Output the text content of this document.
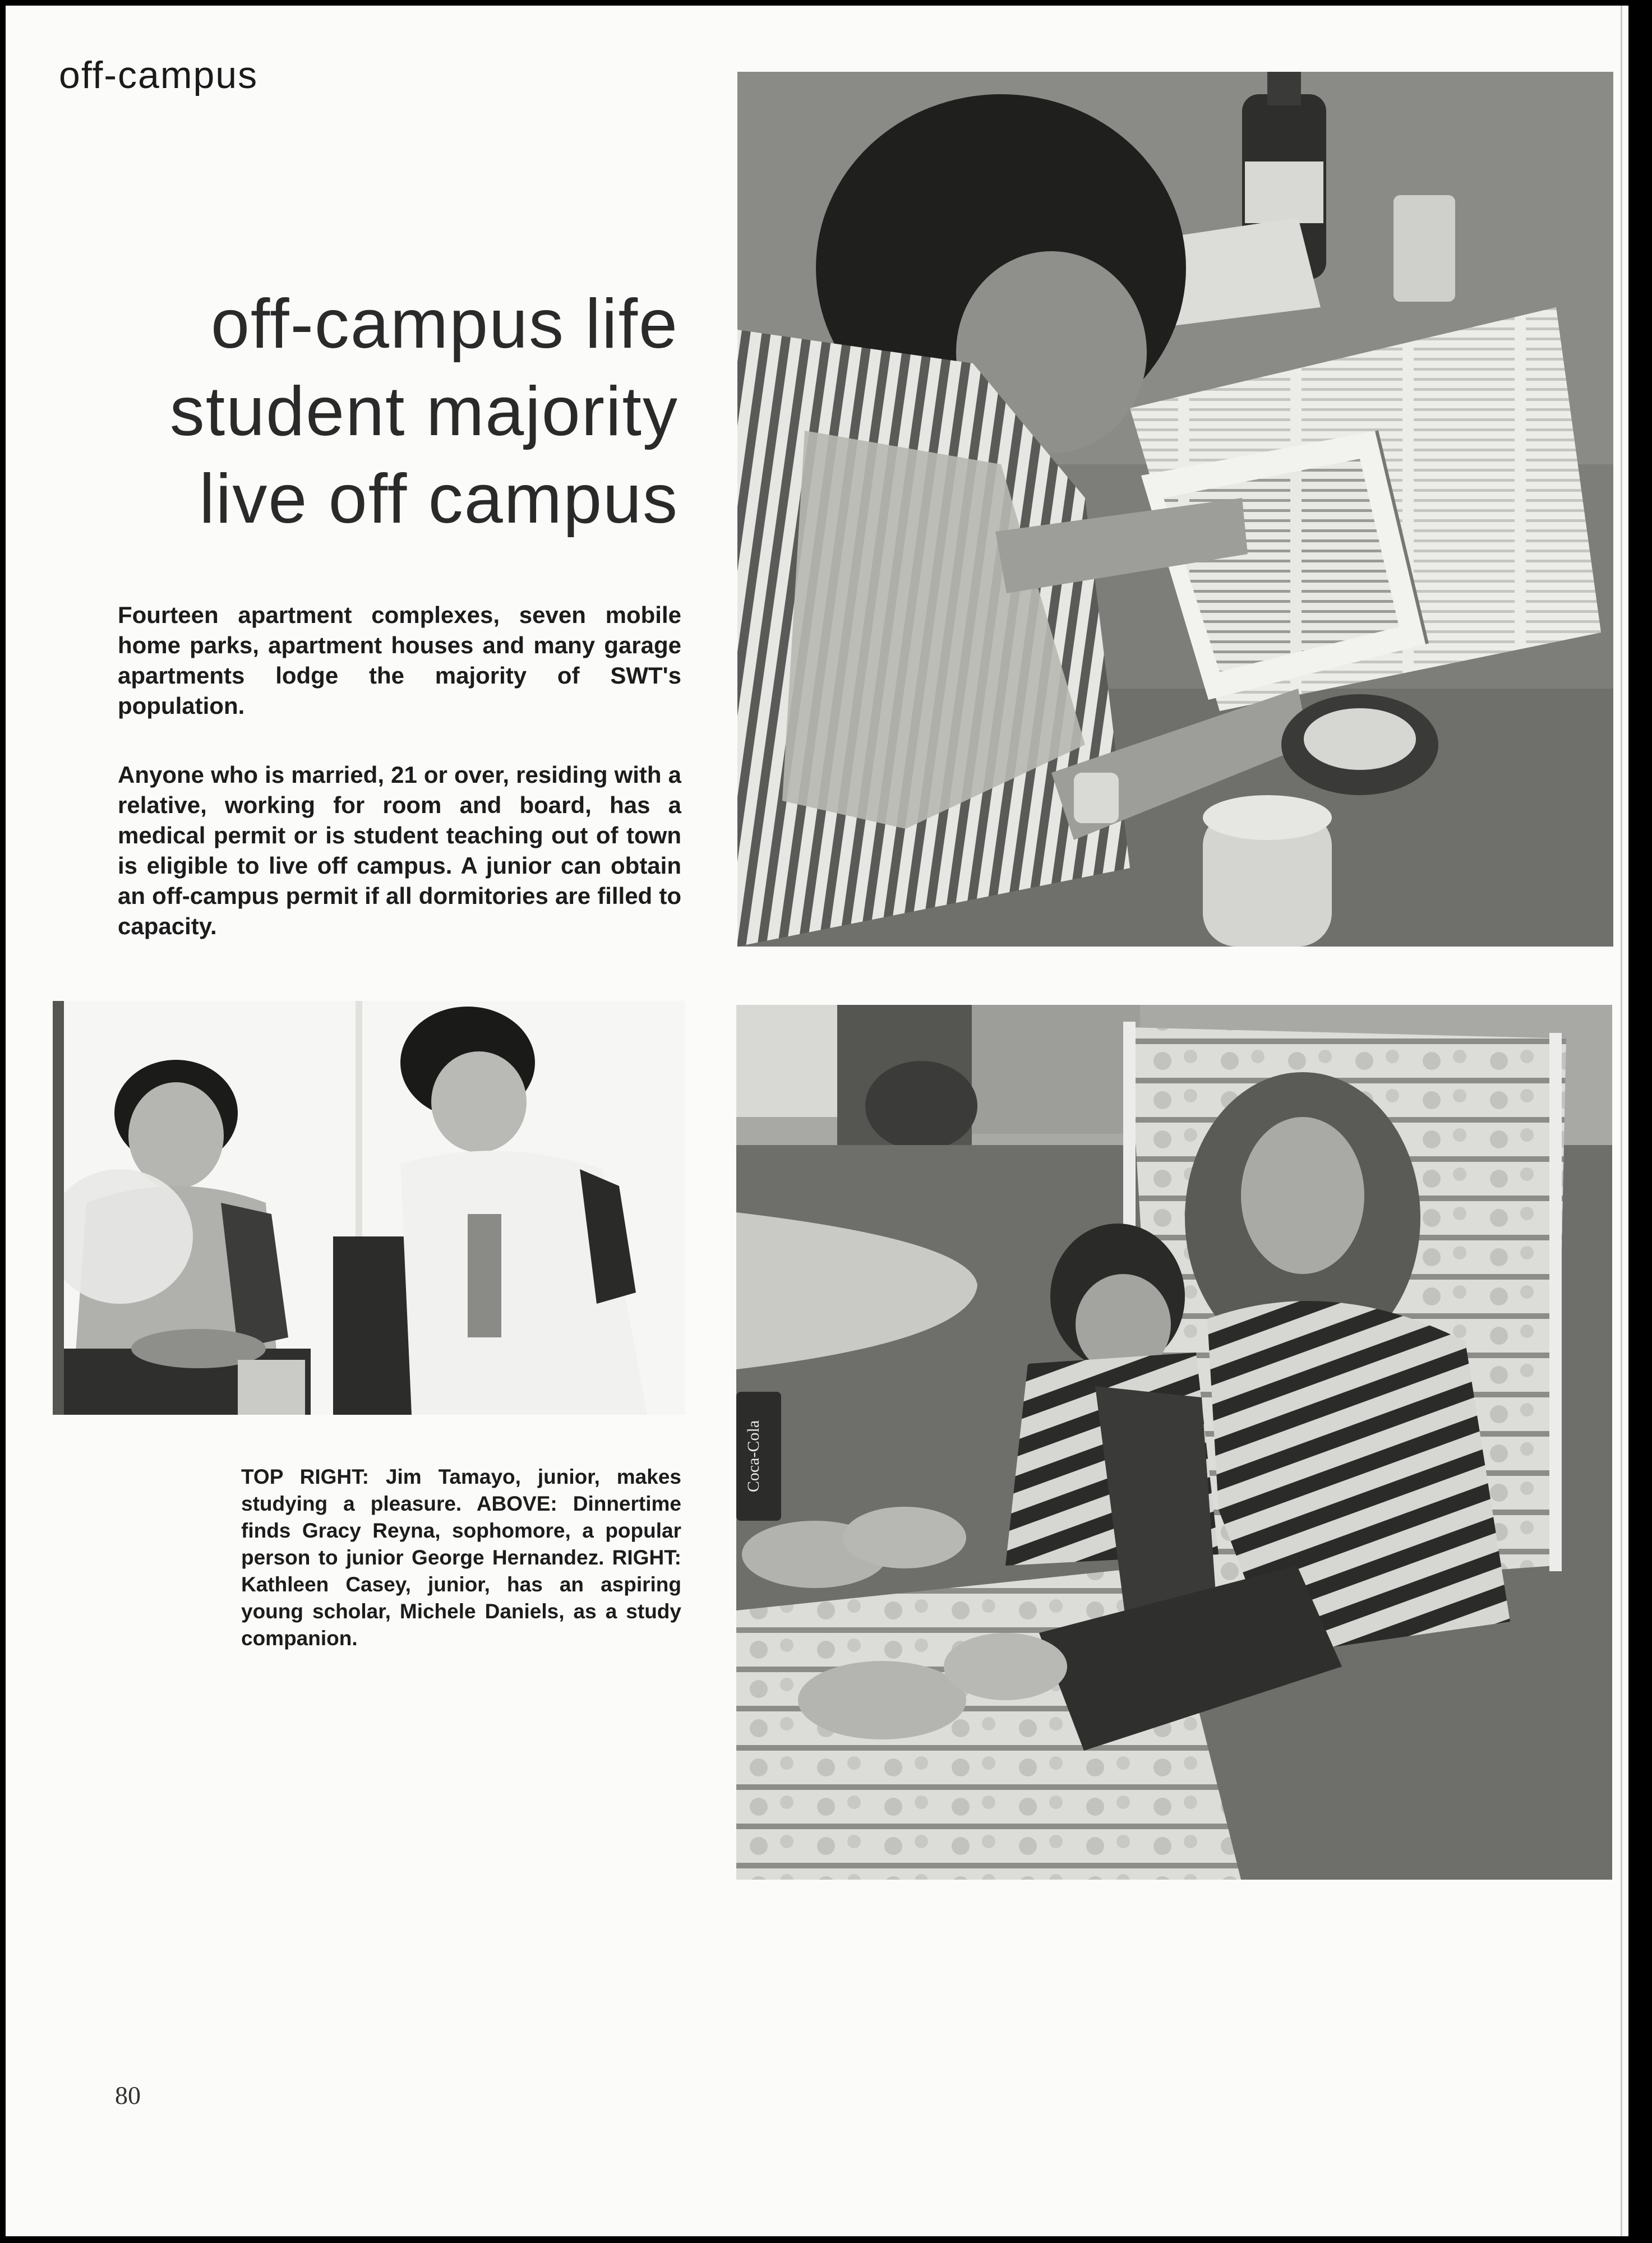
off-campus
off-campus life
student majority
live off campus

Fourteen apartment complexes, seven mobile home parks, apartment houses and many garage apartments lodge the majority of SWT's population.

Anyone who is married, 21 or over, residing with a relative, working for room and board, has a medical permit or is student teaching out of town is eligible to live off campus. A junior can obtain an off-campus permit if all dormitories are filled to capacity.

TOP RIGHT: Jim Tamayo, junior, makes studying a pleasure. ABOVE: Dinnertime finds Gracy Reyna, sophomore, a popular person to junior George Hernandez. RIGHT: Kathleen Casey, junior, has an aspiring young scholar, Michele Daniels, as a study companion.

Coca-Cola
80
